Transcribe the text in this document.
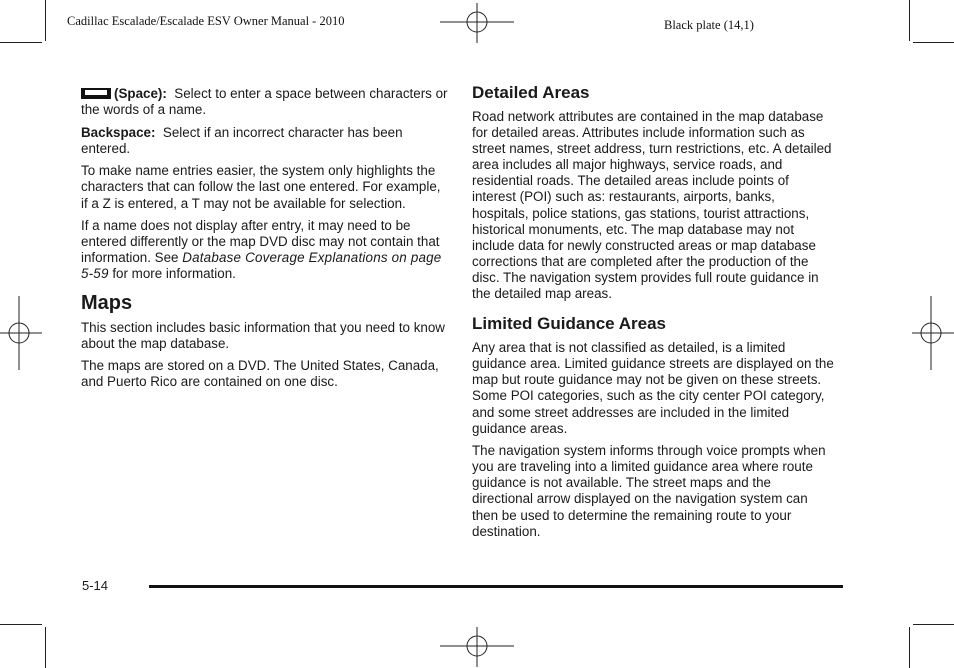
Cadillac Escalade/Escalade ESV Owner Manual - 2010	Black plate (14,1)

(Space): Select to enter a space between characters or the words of a name.

Backspace: Select if an incorrect character has been entered.

To make name entries easier, the system only highlights the characters that can follow the last one entered. For example, if a Z is entered, a T may not be available for selection.

If a name does not display after entry, it may need to be entered differently or the map DVD disc may not contain that information. See Database Coverage Explanations on page 5‑59 for more information.

Maps

This section includes basic information that you need to know about the map database.

The maps are stored on a DVD. The United States, Canada, and Puerto Rico are contained on one disc.

Detailed Areas

Road network attributes are contained in the map database for detailed areas. Attributes include information such as street names, street address, turn restrictions, etc. A detailed area includes all major highways, service roads, and residential roads. The detailed areas include points of interest (POI) such as: restaurants, airports, banks, hospitals, police stations, gas stations, tourist attractions, historical monuments, etc. The map database may not include data for newly constructed areas or map database corrections that are completed after the production of the disc. The navigation system provides full route guidance in the detailed map areas.

Limited Guidance Areas

Any area that is not classified as detailed, is a limited guidance area. Limited guidance streets are displayed on the map but route guidance may not be given on these streets. Some POI categories, such as the city center POI category, and some street addresses are included in the limited guidance areas.

The navigation system informs through voice prompts when you are traveling into a limited guidance area where route guidance is not available. The street maps and the directional arrow displayed on the navigation system can then be used to determine the remaining route to your destination.

5-14
